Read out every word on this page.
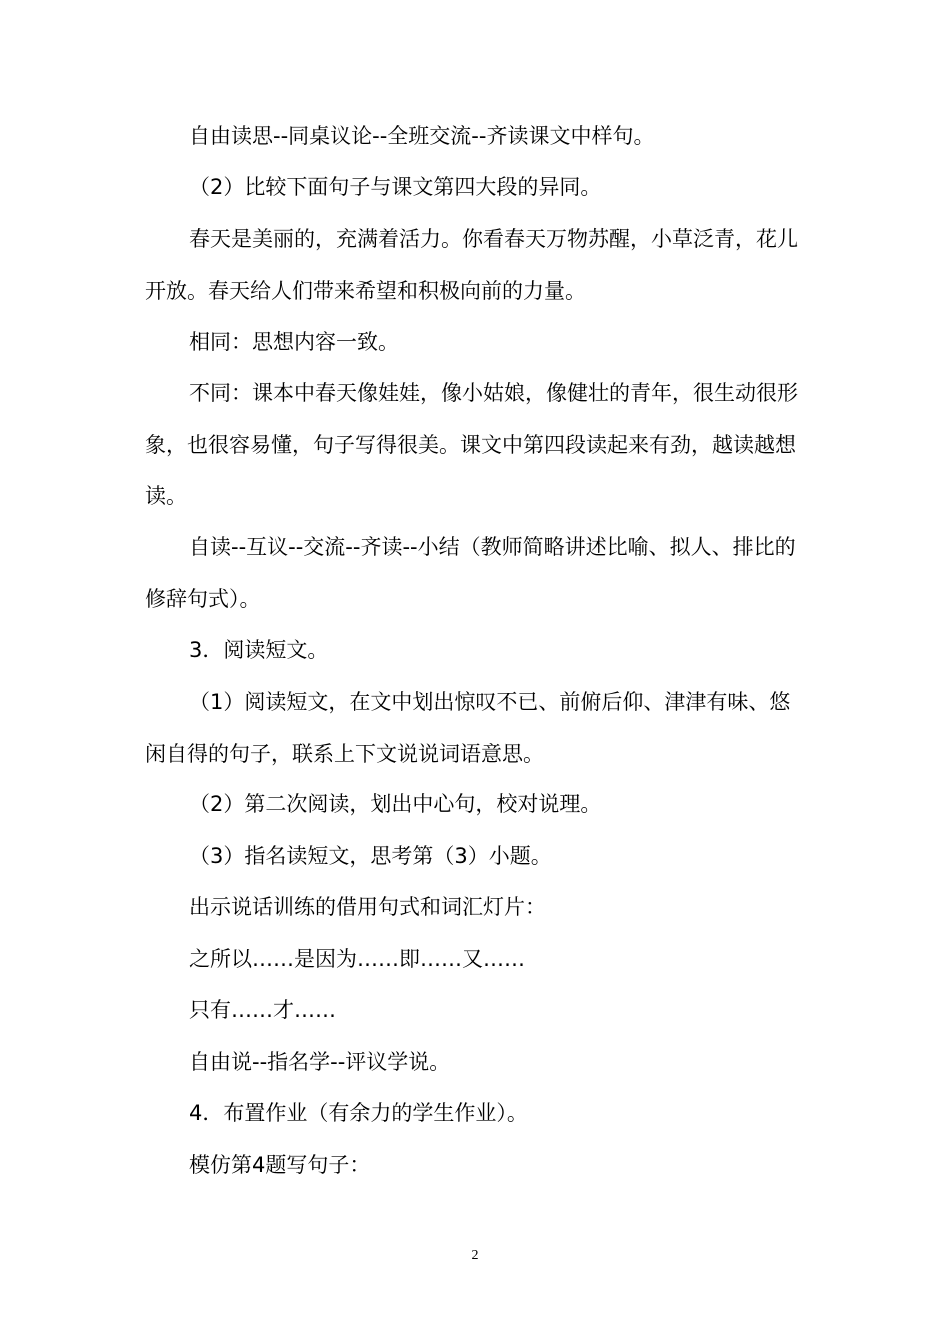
自由读思--同桌议论--全班交流--齐读课文中样句。

（2）比较下面句子与课文第四大段的异同。

春天是美丽的，充满着活力。你看春天万物苏醒，小草泛青，花儿开放。春天给人们带来希望和积极向前的力量。

相同：思想内容一致。

不同：课本中春天像娃娃，像小姑娘，像健壮的青年，很生动很形象，也很容易懂，句子写得很美。课文中第四段读起来有劲，越读越想读。

自读--互议--交流--齐读--小结（教师简略讲述比喻、拟人、排比的修辞句式）。

3．阅读短文。

（1）阅读短文，在文中划出惊叹不已、前俯后仰、津津有味、悠闲自得的句子，联系上下文说说词语意思。

（2）第二次阅读，划出中心句，校对说理。

（3）指名读短文，思考第（3）小题。

出示说话训练的借用句式和词汇灯片：

之所以……是因为……即……又……

只有……才……

自由说--指名学--评议学说。

4．布置作业（有余力的学生作业）。

模仿第4题写句子：

2
